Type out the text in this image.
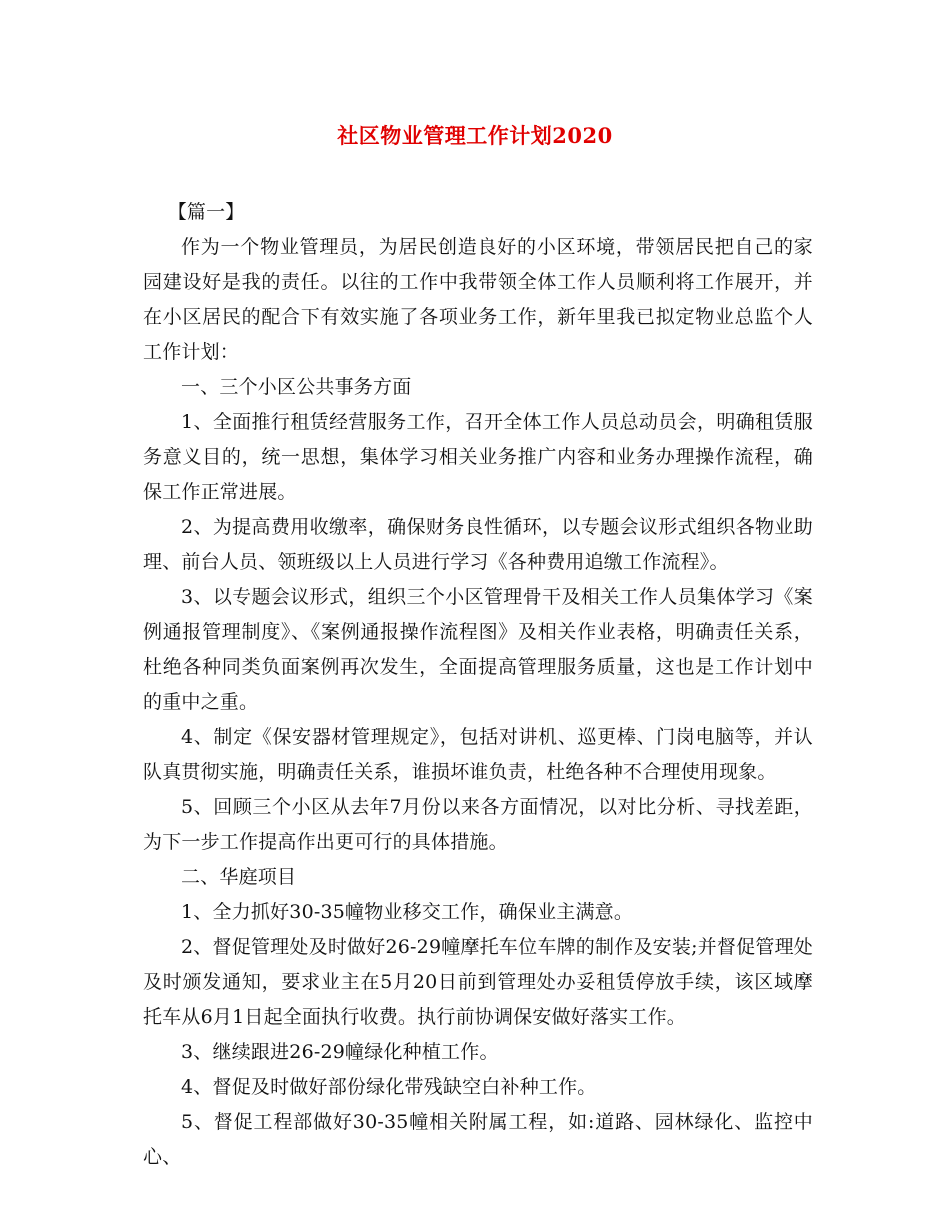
社区物业管理工作计划2020

【篇一】

作为一个物业管理员，为居民创造良好的小区环境，带领居民把自己的家园建设好是我的责任。以往的工作中我带领全体工作人员顺利将工作展开，并在小区居民的配合下有效实施了各项业务工作，新年里我已拟定物业总监个人工作计划：

一、三个小区公共事务方面

1、全面推行租赁经营服务工作，召开全体工作人员总动员会，明确租赁服务意义目的，统一思想，集体学习相关业务推广内容和业务办理操作流程，确保工作正常进展。

2、为提高费用收缴率，确保财务良性循环，以专题会议形式组织各物业助理、前台人员、领班级以上人员进行学习《各种费用追缴工作流程》。

3、以专题会议形式，组织三个小区管理骨干及相关工作人员集体学习《案例通报管理制度》、《案例通报操作流程图》及相关作业表格，明确责任关系，杜绝各种同类负面案例再次发生，全面提高管理服务质量，这也是工作计划中的重中之重。

4、制定《保安器材管理规定》，包括对讲机、巡更棒、门岗电脑等，并认队真贯彻实施，明确责任关系，谁损坏谁负责，杜绝各种不合理使用现象。

5、回顾三个小区从去年7月份以来各方面情况，以对比分析、寻找差距，为下一步工作提高作出更可行的具体措施。

二、华庭项目

1、全力抓好30-35幢物业移交工作，确保业主满意。

2、督促管理处及时做好26-29幢摩托车位车牌的制作及安装;并督促管理处及时颁发通知，要求业主在5月20日前到管理处办妥租赁停放手续，该区域摩托车从6月1日起全面执行收费。执行前协调保安做好落实工作。

3、继续跟进26-29幢绿化种植工作。

4、督促及时做好部份绿化带残缺空白补种工作。

5、督促工程部做好30-35幢相关附属工程，如:道路、园林绿化、监控中心、
